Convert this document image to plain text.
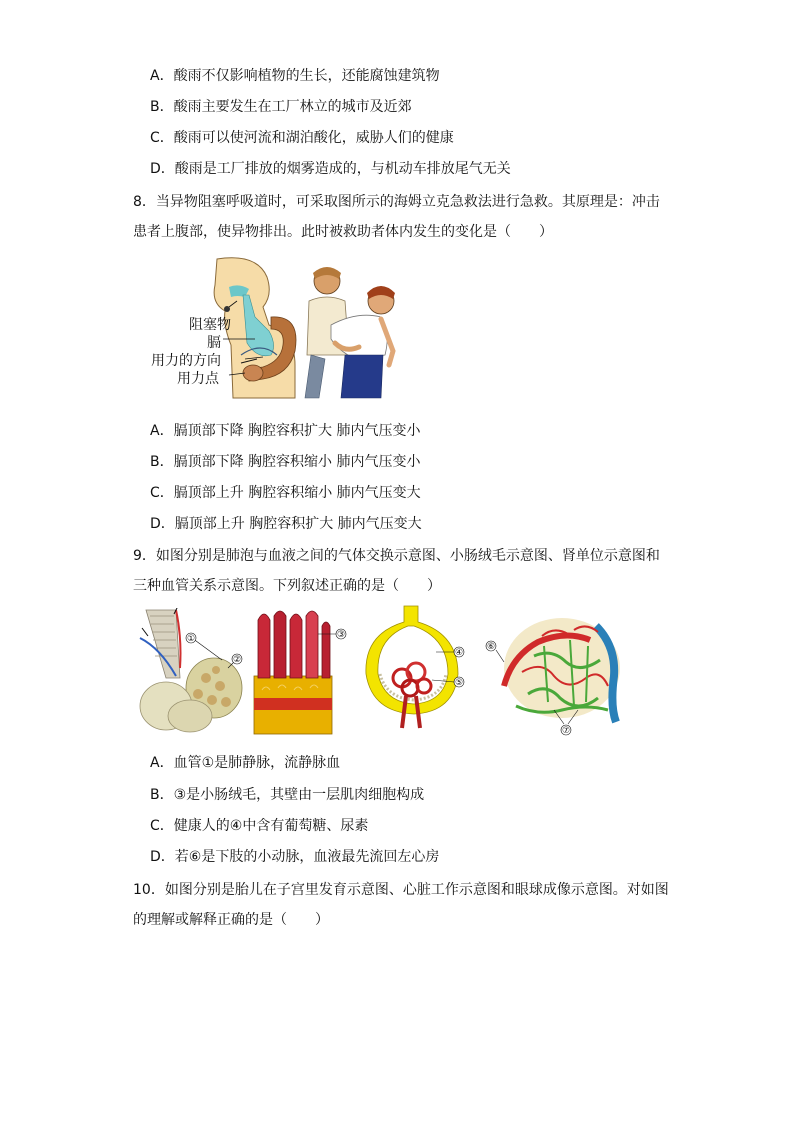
A．酸雨不仅影响植物的生长，还能腐蚀建筑物
B．酸雨主要发生在工厂林立的城市及近郊
C．酸雨可以使河流和湖泊酸化，威胁人们的健康
D．酸雨是工厂排放的烟雾造成的，与机动车排放尾气无关
8．当异物阻塞呼吸道时，可采取图所示的海姆立克急救法进行急救。其原理是：冲击
患者上腹部，使异物排出。此时被救助者体内发生的变化是（　　）
阻塞物
膈
用力的方向
用力点
A．膈顶部下降 胸腔容积扩大 肺内气压变小
B．膈顶部下降 胸腔容积缩小 肺内气压变小
C．膈顶部上升 胸腔容积缩小 肺内气压变大
D．膈顶部上升 胸腔容积扩大 肺内气压变大
9．如图分别是肺泡与血液之间的气体交换示意图、小肠绒毛示意图、肾单位示意图和
三种血管关系示意图。下列叙述正确的是（　　）
①
②
③
④
⑤
⑥
⑦
A．血管①是肺静脉，流静脉血
B．③是小肠绒毛，其壁由一层肌肉细胞构成
C．健康人的④中含有葡萄糖、尿素
D．若⑥是下肢的小动脉，血液最先流回左心房
10．如图分别是胎儿在子宫里发育示意图、心脏工作示意图和眼球成像示意图。对如图
的理解或解释正确的是（　　）
